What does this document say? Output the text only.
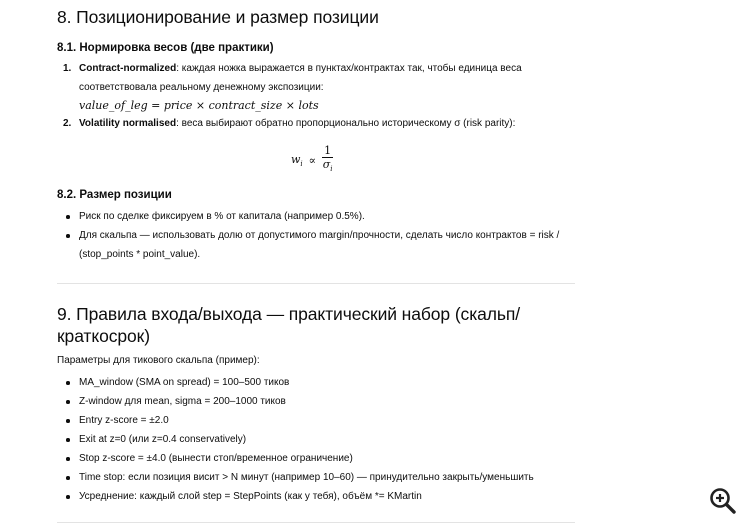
8. Позиционирование и размер позиции
8.1. Нормировка весов (две практики)
1. Contract-normalized: каждая ножка выражается в пунктах/контрактах так, чтобы единица веса соответствовала реальному денежному экспозиции:
value_of_leg = price × contract_size × lots
2. Volatility normalised: веса выбирают обратно пропорционально историческому σ (risk parity):
$w_i \propto \frac{1}{\sigma_i}$
8.2. Размер позиции
Риск по сделке фиксируем в % от капитала (например 0.5%).
Для скальпа — использовать долю от допустимого margin/прочности, сделать число контрактов = risk / (stop_points * point_value).
9. Правила входа/выхода — практический набор (скальп/ краткосрок)

Параметры для тикового скальпа (пример):

MA_window (SMA on spread) = 100–500 тиков
Z-window для mean, sigma = 200–1000 тиков
Entry z-score = ±2.0
Exit at z=0 (или z=0.4 conservatively)
Stop z-score = ±4.0 (вынести стоп/временное ограничение)
Time stop: если позиция висит > N минут (например 10–60) — принудительно закрыть/уменьшить
Усреднение: каждый слой step = StepPoints (как у тебя), объём *= KMartin
